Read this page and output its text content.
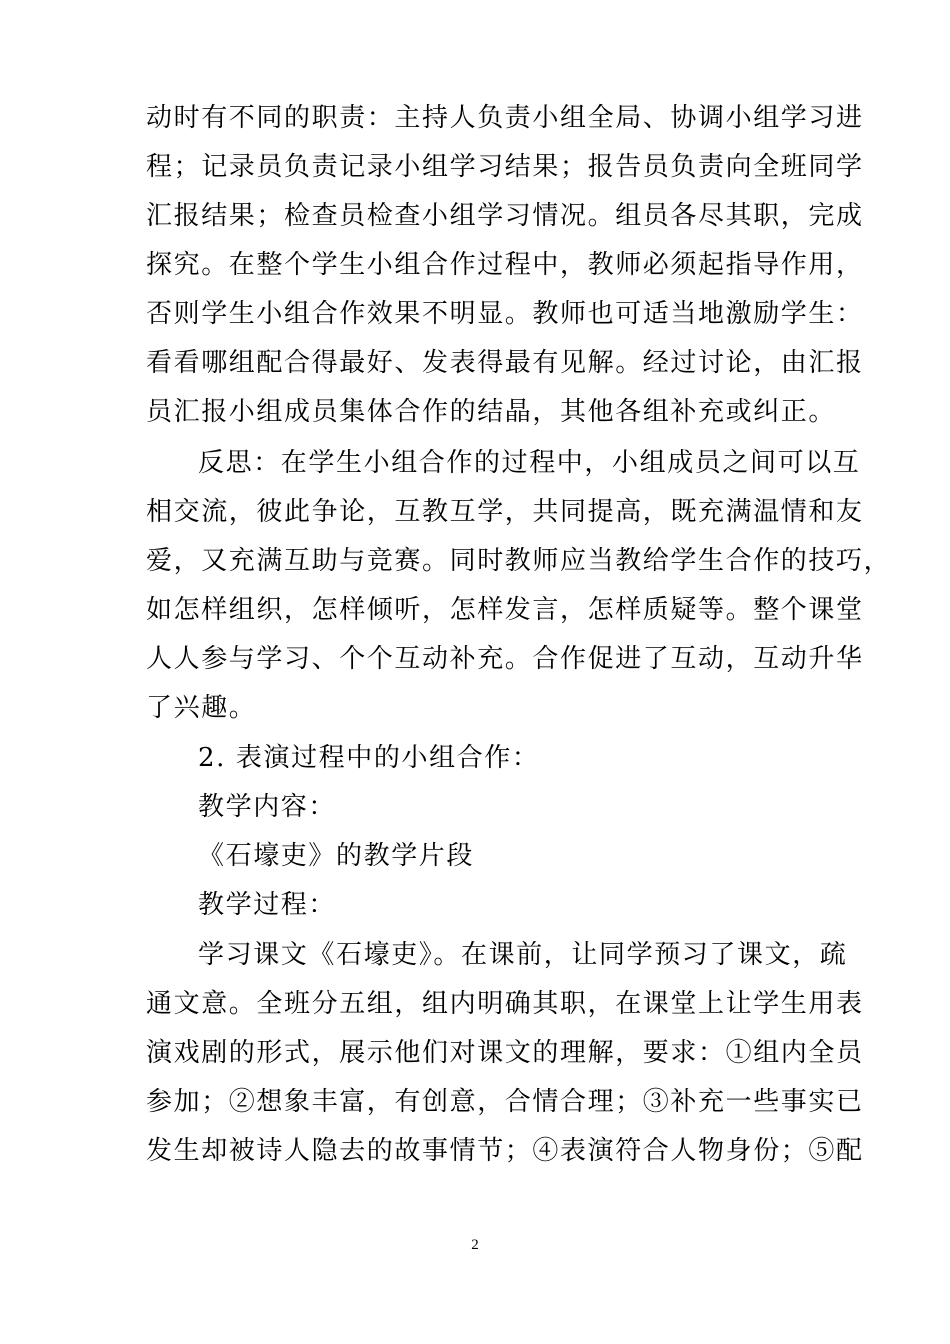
动时有不同的职责：主持人负责小组全局、协调小组学习进
程；记录员负责记录小组学习结果；报告员负责向全班同学
汇报结果；检查员检查小组学习情况。组员各尽其职，完成
探究。在整个学生小组合作过程中，教师必须起指导作用，
否则学生小组合作效果不明显。教师也可适当地激励学生：
看看哪组配合得最好、发表得最有见解。经过讨论，由汇报
员汇报小组成员集体合作的结晶，其他各组补充或纠正。
反思：在学生小组合作的过程中，小组成员之间可以互
相交流，彼此争论，互教互学，共同提高，既充满温情和友
爱，又充满互助与竞赛。同时教师应当教给学生合作的技巧，
如怎样组织，怎样倾听，怎样发言，怎样质疑等。整个课堂
人人参与学习、个个互动补充。合作促进了互动，互动升华
了兴趣。
2. 表演过程中的小组合作：
教学内容：
《石壕吏》的教学片段
教学过程：
学习课文《石壕吏》。在课前，让同学预习了课文，疏
通文意。全班分五组，组内明确其职，在课堂上让学生用表
演戏剧的形式，展示他们对课文的理解，要求：①组内全员
参加；②想象丰富，有创意，合情合理；③补充一些事实已
发生却被诗人隐去的故事情节；④表演符合人物身份；⑤配
2
